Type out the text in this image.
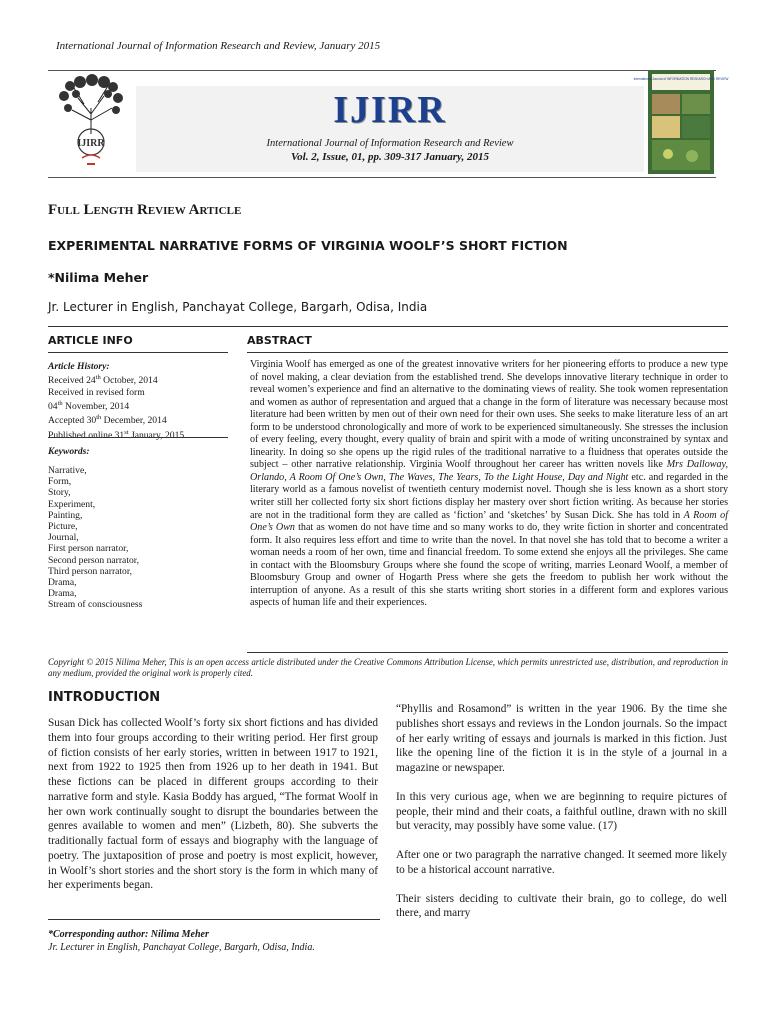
International Journal of Information Research and Review, January 2015
IJIRR
IJIRR
International Journal of Information Research and Review
Vol. 2, Issue, 01, pp. 309-317 January, 2015
International Journal of INFORMATION RESEARCH AND REVIEW
Full Length Review Article
EXPERIMENTAL NARRATIVE FORMS OF VIRGINIA WOOLF’S SHORT FICTION
*Nilima Meher
Jr. Lecturer in English, Panchayat College, Bargarh, Odisa, India
ARTICLE INFO
Article History:
Received 24th October, 2014
Received in revised form
04th November, 2014
Accepted 30th December, 2014
Published online 31st January, 2015
Keywords:
Narrative,
Form,
Story,
Experiment,
Painting,
Picture,
Journal,
First person narrator,
Second person narrator,
Third person narrator,
Drama,
Drama,
Stream of consciousness
ABSTRACT
Virginia Woolf has emerged as one of the greatest innovative writers for her pioneering efforts to produce a new type of novel making, a clear deviation from the established trend. She develops innovative literary technique in order to reveal women’s experience and find an alternative to the dominating views of reality. She took women representation and women as author of representation and argued that a change in the form of literature was necessary because most literature had been written by men out of their own need for their own uses. She seeks to make literature less of an art form to be understood chronologically and more of work to be experienced simultaneously. She stresses the inclusion of every feeling, every thought, every quality of brain and spirit with a mode of writing unconstrained by syntax and linearity. In doing so she opens up the rigid rules of the traditional narrative to a fluidness that operates outside the subject – other narrative relationship. Virginia Woolf throughout her career has written novels like Mrs Dalloway, Orlando, A Room Of One’s Own, The Waves, The Years, To the Light House, Day and Night etc. and regarded in the literary world as a famous novelist of twentieth century modernist novel. Though she is less known as a short story writer still her collected forty six short fictions display her mastery over short fiction writing. As because her stories are not in the traditional form they are called as ‘fiction’ and ‘sketches’ by Susan Dick. She has told in A Room of One’s Own that as women do not have time and so many works to do, they write fiction in shorter and concentrated form. It also requires less effort and time to write than the novel. In that novel she has told that to become a writer a woman needs a room of her own, time and financial freedom. To some extend she enjoys all the privileges. She came in contact with the Bloomsbury Groups where she found the scope of writing, marries Leonard Woolf, a member of Bloomsbury Group and owner of Hogarth Press where she gets the freedom to publish her work without the interruption of anyone. As a result of this she starts writing short stories in a different form and explores various aspects of human life and their experiences.
Copyright © 2015 Nilima Meher, This is an open access article distributed under the Creative Commons Attribution License, which permits unrestricted use, distribution, and reproduction in any medium, provided the original work is properly cited.
INTRODUCTION
Susan Dick has collected Woolf’s forty six short fictions and has divided them into four groups according to their writing period. Her first group of fiction consists of her early stories, written in between 1917 to 1921, next from 1922 to 1925 then from 1926 up to her death in 1941. But these fictions can be placed in different groups according to their narrative form and style. Kasia Boddy has argued, “The format Woolf in her own work continually sought to disrupt the boundaries between the genres available to women and men” (Lizbeth, 80). She subverts the traditionally factual form of essays and biography with the language of poetry. The juxtaposition of prose and poetry is most explicit, however, in Woolf’s short stories and the short story is the form in which many of her experiments began.

“Phyllis and Rosamond” is written in the year 1906. By the time she publishes short essays and reviews in the London journals. So the impact of her early writing of essays and journals is marked in this fiction. Just like the opening line of the fiction it is in the style of a journal in a magazine or newspaper.

In this very curious age, when we are beginning to require pictures of people, their mind and their coats, a faithful outline, drawn with no skill but veracity, may possibly have some value. (17)

After one or two paragraph the narrative changed. It seemed more likely to be a historical account narrative.

Their sisters deciding to cultivate their brain, go to college, do well there, and marry

*Corresponding author: Nilima Meher
Jr. Lecturer in English, Panchayat College, Bargarh, Odisa, India.
